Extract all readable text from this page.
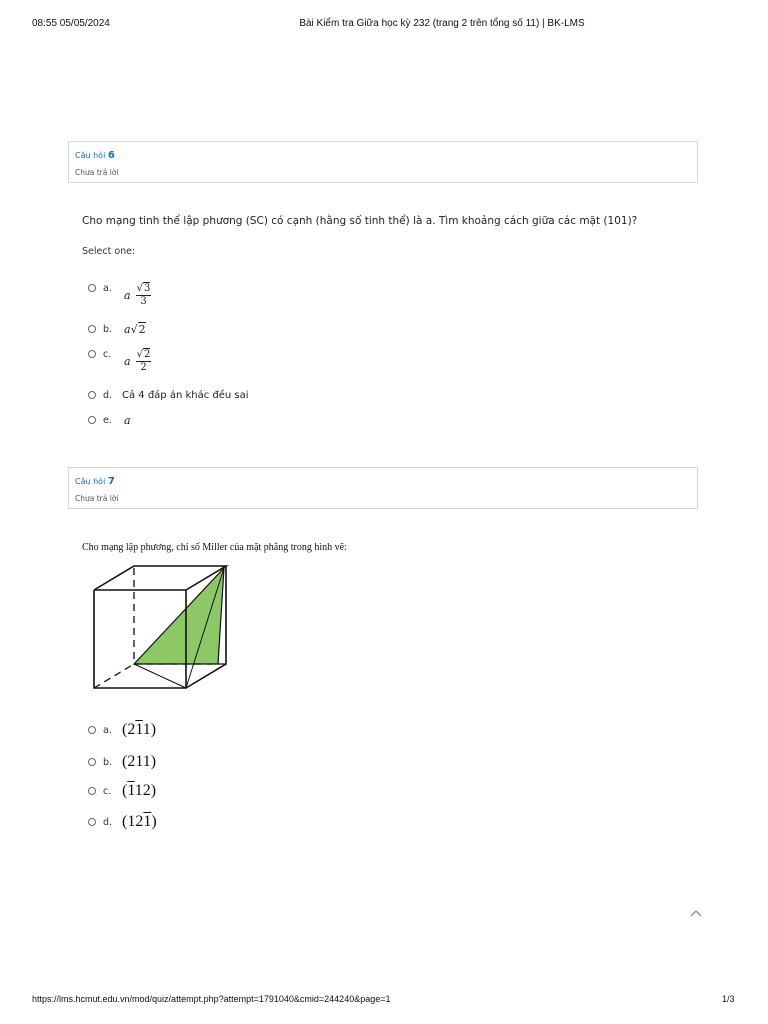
08:55 05/05/2024	Bài Kiểm tra Giữa học kỳ 232 (trang 2 trên tổng số 11) | BK-LMS
Câu hỏi 6
Chưa trả lời
Cho mạng tinh thể lập phương (SC) có cạnh (hằng số tinh thể) là a. Tìm khoảng cách giữa các mặt (101)?
Select one:
a.
a $\frac{√3}{3}$
b. a√2
c.
a $\frac{√2}{2}$
d. Cả 4 đáp án khác đều sai
e. a
Câu hỏi 7
Chưa trả lời
Cho mạng lập phương, chỉ số Miller của mặt phẳng trong hình vẽ:
a. (211)
b. (211)
c. (112)
d. (121)
https://lms.hcmut.edu.vn/mod/quiz/attempt.php?attempt=1791040&cmid=244240&page=1	1/3
